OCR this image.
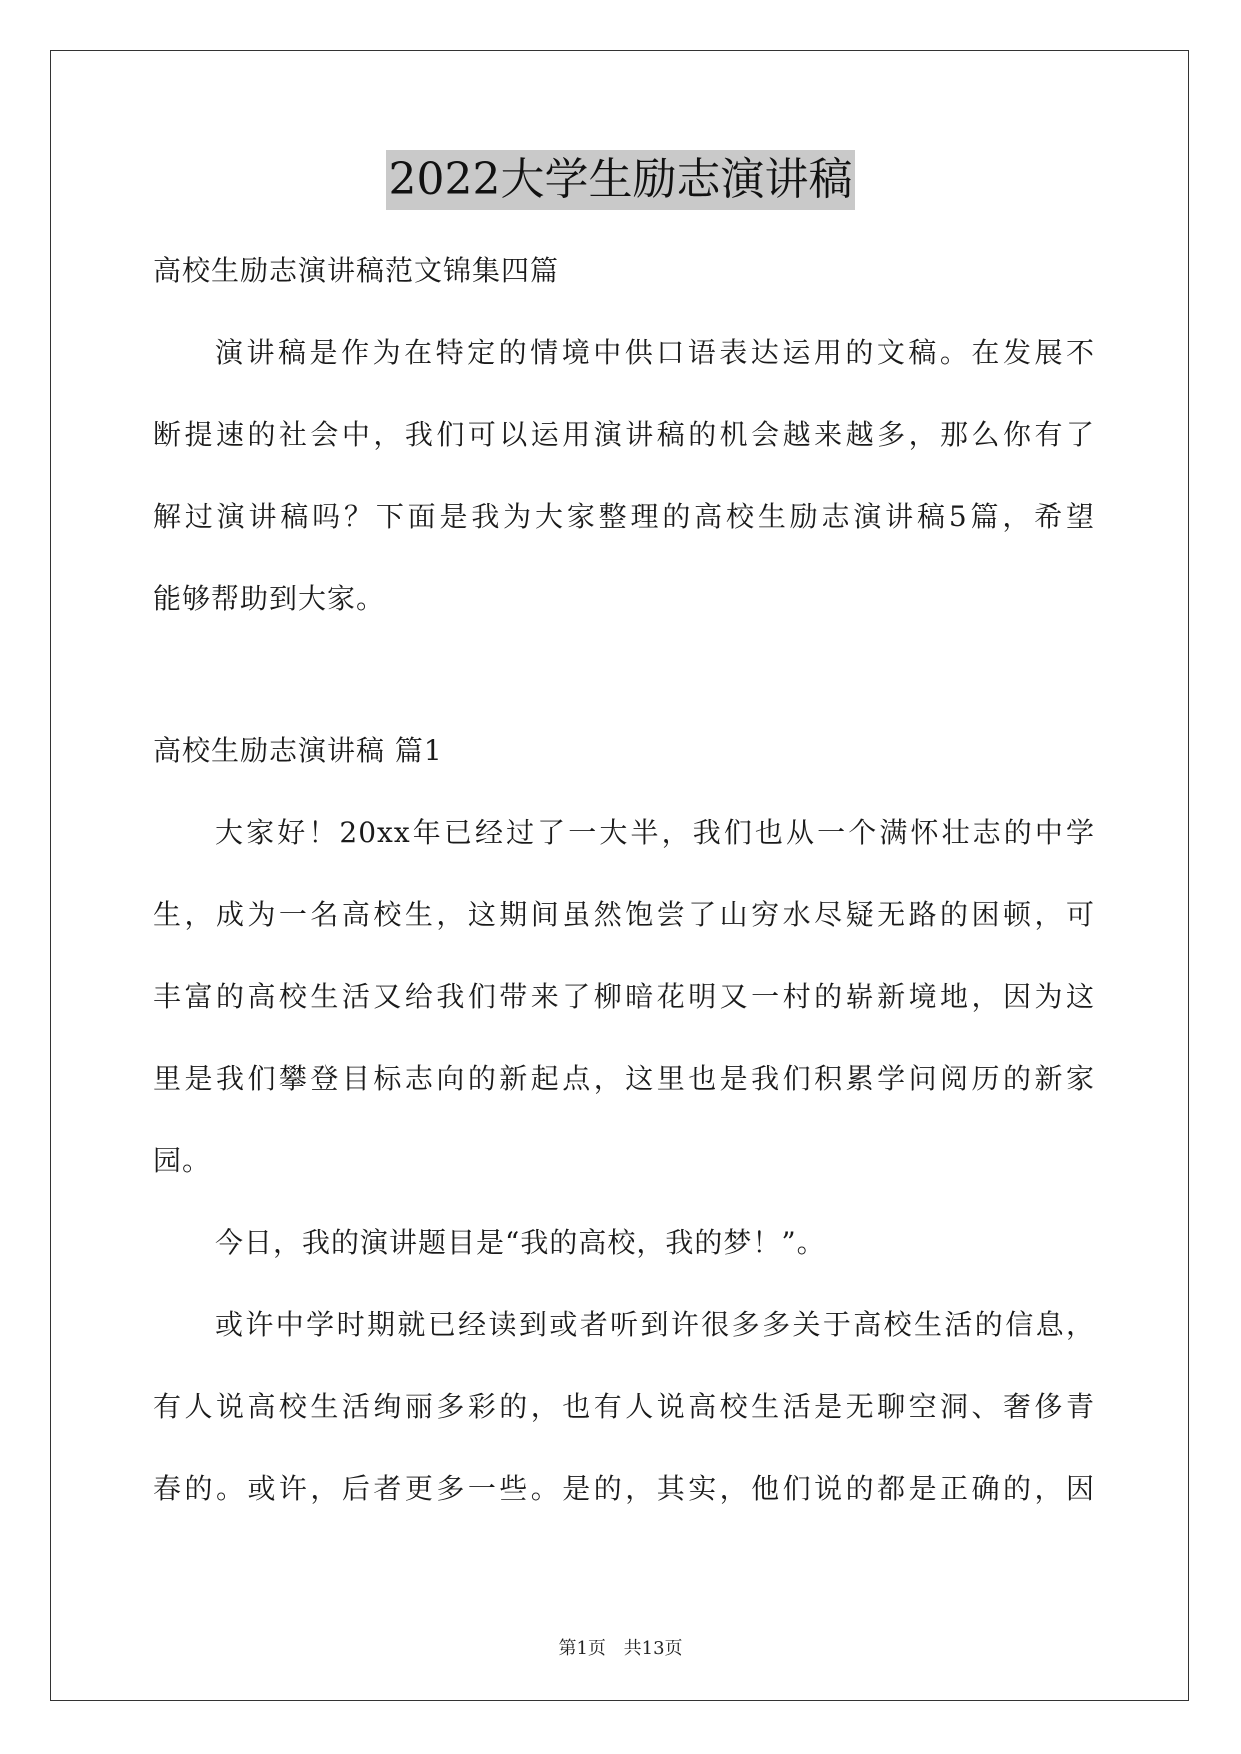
2022大学生励志演讲稿
高校生励志演讲稿范文锦集四篇
演讲稿是作为在特定的情境中供口语表达运用的文稿。在发展不
断提速的社会中，我们可以运用演讲稿的机会越来越多，那么你有了
解过演讲稿吗？下面是我为大家整理的高校生励志演讲稿5篇，希望
能够帮助到大家。
高校生励志演讲稿 篇1
大家好！20xx年已经过了一大半，我们也从一个满怀壮志的中学
生，成为一名高校生，这期间虽然饱尝了山穷水尽疑无路的困顿，可
丰富的高校生活又给我们带来了柳暗花明又一村的崭新境地，因为这
里是我们攀登目标志向的新起点，这里也是我们积累学问阅历的新家
园。
今日，我的演讲题目是“我的高校，我的梦！”。
或许中学时期就已经读到或者听到许很多多关于高校生活的信息，
有人说高校生活绚丽多彩的，也有人说高校生活是无聊空洞、奢侈青
春的。或许，后者更多一些。是的，其实，他们说的都是正确的，因
第1页 共13页
